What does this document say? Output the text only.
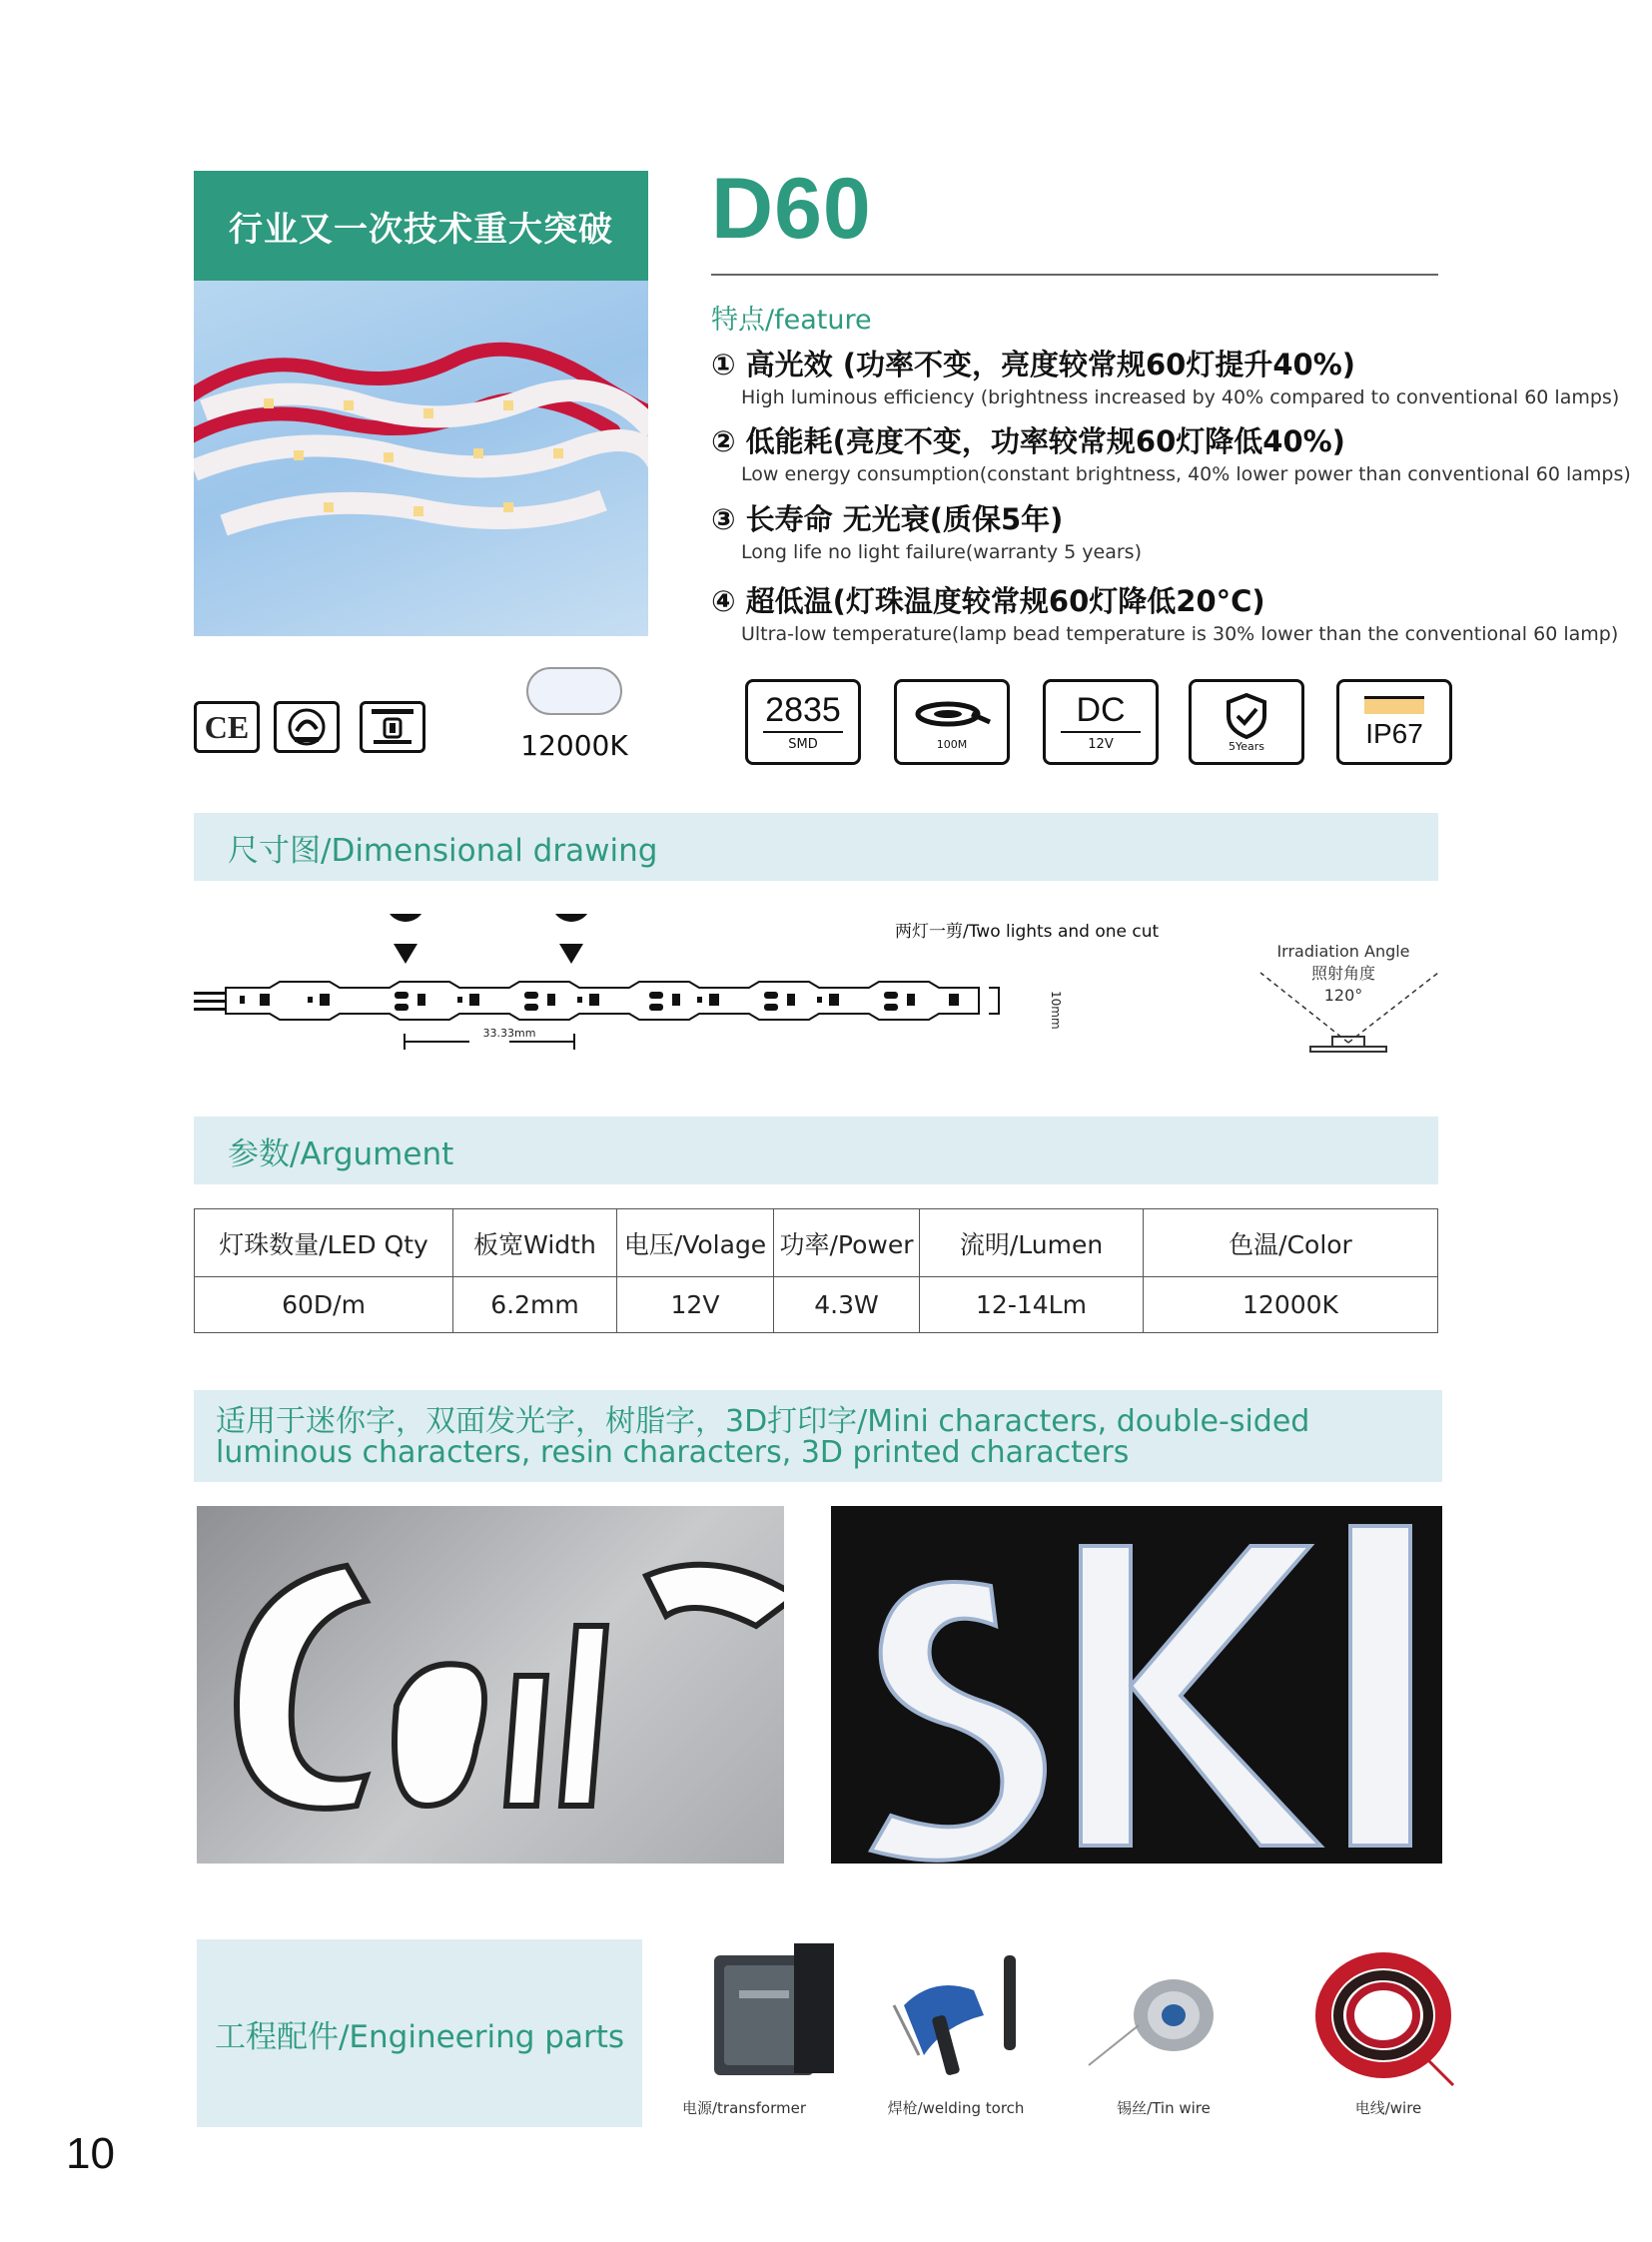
行业又一次技术重大突破	D60
特点/feature
① 高光效 (功率不变，亮度较常规60灯提升40%)
High luminous efficiency (brightness increased by 40% compared to conventional 60 lamps)
② 低能耗(亮度不变，功率较常规60灯降低40%)
Low energy consumption(constant brightness, 40% lower power than conventional 60 lamps)
③ 长寿命 无光衰(质保5年)
Long life no light failure(warranty 5 years)
④ 超低温(灯珠温度较常规60灯降低20°C)
Ultra-low temperature(lamp bead temperature is 30% lower than the conventional 60 lamp)
CE
12000K
2835
SMD	100M
DC
12V	5Years	IP67
尺寸图/Dimensional drawing
两灯一剪/Two lights and one cut
33.33mm
10mm
Irradiation Angle
照射角度
120°
参数/Argument
灯珠数量/LED Qty	板宽Width	电压/Volage	功率/Power	流明/Lumen	色温/Color
60D/m	6.2mm	12V	4.3W	12-14Lm	12000K
适用于迷你字，双面发光字，树脂字，3D打印字/Mini characters, double-sided luminous characters, resin characters, 3D printed characters
工程配件/Engineering parts
电源/transformer	焊枪/welding torch	锡丝/Tin wire	电线/wire
10
